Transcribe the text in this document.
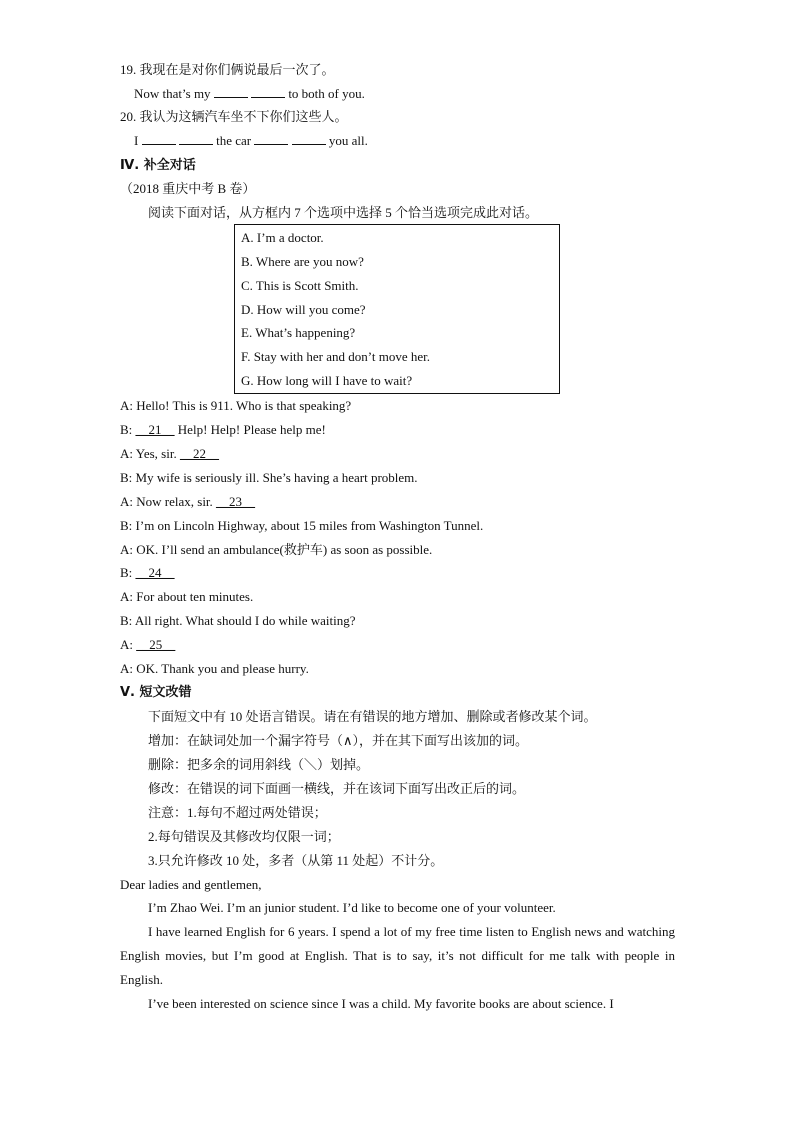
19. 我现在是对你们俩说最后一次了。
Now that’s my	to both of you.
20. 我认为这辆汽车坐不下你们这些人。
I	the car	you all.
Ⅳ. 补全对话
（2018 重庆中考 B 卷）
阅读下面对话，从方框内 7 个选项中选择 5 个恰当选项完成此对话。
A. I’m a doctor.
B. Where are you now?
C. This is Scott Smith.
D. How will you come?
E. What’s happening?
F. Stay with her and don’t move her.
G. How long will I have to wait?
A: Hello! This is 911. Who is that speaking?
B: __21__ Help! Help! Please help me!
A: Yes, sir. __22__
B: My wife is seriously ill. She’s having a heart problem.
A: Now relax, sir. __23__
B: I’m on Lincoln Highway, about 15 miles from Washington Tunnel.
A: OK. I’ll send an ambulance(救护车) as soon as possible.
B: __24__
A: For about ten minutes.
B: All right. What should I do while waiting?
A: __25__
A: OK. Thank you and please hurry.
Ⅴ. 短文改错
下面短文中有 10 处语言错误。请在有错误的地方增加、删除或者修改某个词。
增加：在缺词处加一个漏字符号（∧），并在其下面写出该加的词。
删除：把多余的词用斜线（＼）划掉。
修改：在错误的词下面画一横线，并在该词下面写出改正后的词。
注意：1.每句不超过两处错误；
2.每句错误及其修改均仅限一词；
3.只允许修改 10 处，多者（从第 11 处起）不计分。
Dear ladies and gentlemen,
I’m Zhao Wei. I’m an junior student. I’d like to become one of your volunteer.
I have learned English for 6 years. I spend a lot of my free time listen to English news and watching English movies, but I’m good at English. That is to say, it’s not difficult for me talk with people in English.
I’ve been interested on science since I was a child. My favorite books are about science. I
